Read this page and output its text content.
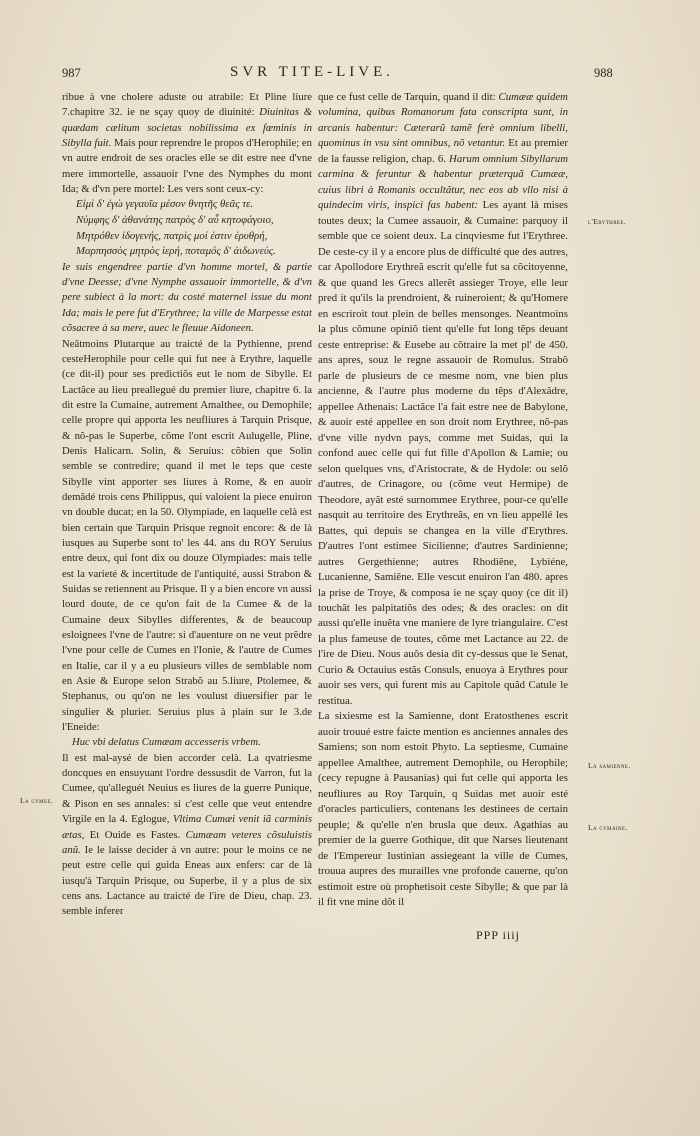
987	SVR TITE-LIVE.	988
La cvmee.
l'Erythree.
La samienne.
La cvmaine.

ribue à vne cholere aduste ou atrabile: Et Pline liure 7.chapitre 32. ie ne sçay quoy de diuinité: Diuinitas & quædam cælitum societas nobilissima ex fœminis in Sibylla fuit. Mais pour reprendre le propos d'Herophile; en vn autre endroit de ses oracles elle se dit estre nee d'vne mere immortelle, assauoir l'vne des Nymphes du mont Ida; & d'vn pere mortel: Les vers sont ceux-cy:

Εἰμὶ δ' ἐγὼ γεγαυῖα μέσον θνητῆς θεᾶς τε.
Νύμφης δ' ἀθανάτης πατρὸς δ' αὖ κητοφάγοιο,
Μητρόθεν ἰδογενής, πατρὶς μοί ἐστιν ἐρυθρή,
Μαρπησσὸς μητρὸς ἱερή, ποταμός δ' ἀιδωνεύς.

Ie suis engendree partie d'vn homme mortel, & partie d'vne Deesse; d'vne Nymphe assauoir immortelle, & d'vn pere subiect à la mort: du costé maternel issue du mont Ida; mais le pere fut d'Erythree; la ville de Marpesse estat cõsacree à sa mere, auec le fleuue Aidoneen.

Neãtmoins Plutarque au traicté de la Pythienne, prend cesteHerophile pour celle qui fut nee à Erythre, laquelle (ce dit-il) pour ses predictiõs eut le nom de Sibylle. Et Lactãce au lieu preallegué du premier liure, chapitre 6. la dit estre la Cumaine, autrement Amalthee, ou Demophile; celle propre qui apporta les neufliures à Tarquin Prisque, & nõ-pas le Superbe, cõme l'ont escrit Aulugelle, Pline, Denis Halicarn. Solin, & Seruius: cõbien que Solin semble se contredire; quand il met le teps que ceste Sibylle vint apporter ses liures à Rome, & en auoir demãdé trois cens Philippus, qui valoient la piece enuiron vn double ducat; en la 50. Olympiade, en laquelle celà est bien certain que Tarquin Prisque regnoit encore: & de là iusques au Superbe sont to' les 44. ans du ROY Seruius entre deux, qui font dix ou douze Olympiades: mais telle est la varieté & incertitude de l'antiquité, aussi Strabon & Suidas se retiennent au Prisque. Il y a bien encore vn aussi lourd doute, de ce qu'on fait de la Cumee & de la Cumaine deux Sibylles differentes, & de beaucoup esloignees l'vne de l'autre: si d'auenture on ne veut prẽdre l'vne pour celle de Cumes en l'Ionie, & l'autre de Cumes en Italie, car il y a eu plusieurs villes de semblable nom en Asie & Europe selon Strabõ au 5.liure, Ptolemee, & Stephanus, ou qu'on ne les voulust diuersifier par le singulier & plurier. Seruius plus à plain sur le 3.de l'Eneide:

Huc vbi delatus Cumæam accesseris vrbem.

Il est mal-aysé de bien accorder celà. La qvatriesme doncques en ensuyuant l'ordre dessusdit de Varron, fut la Cumee, qu'alleguét Neuius es liures de la guerre Punique, & Pison en ses annales: si c'est celle que veut entendre Virgile en la 4. Eglogue, Vltima Cumæi venit iã carminis ætas, Et Ouide es Fastes. Cumæam veteres cõsuluistis anũ. Ie le laisse decider à vn autre: pour le moins ce ne peut estre celle qui guida Eneas aux enfers: car de là iusqu'à Tarquin Prisque, ou Superbe, il y a plus de six cens ans. Lactance au traicté de l'ire de Dieu, chap. 23. semble inferer

que ce fust celle de Tarquin, quand il dit: Cumææ quidem volumina, quibus Romanorum fata conscripta sunt, in arcanis habentur: Cæterarũ tamẽ ferè omnium libelli, quominus in vsu sint omnibus, nõ vetantur. Et au premier de la fausse religion, chap. 6. Harum omnium Sibyllarum carmina & feruntur & habentur præterquã Cumææ, cuius libri à Romanis occultãtur, nec eos ab vllo nisi à quindecim viris, inspici fas habent: Les ayant là mises toutes deux; la Cumee assauoir, & Cumaine: parquoy il semble que ce soient deux. La cinqviesme fut l'Erythree. De ceste-cy il y a encore plus de difficulté que des autres, car Apollodore Erythreã escrit qu'elle fut sa cõcitoyenne, & que quand les Grecs allerẽt assieger Troye, elle leur pred it qu'ils la prendroient, & ruineroient; & qu'Homere en escriroit tout plein de belles mensonges. Neantmoins la plus cõmune opiniõ tient qu'elle fut long tẽps deuant ceste entreprise: & Eusebe au cõtraire la met pl' de 450. ans apres, souz le regne assauoir de Romulus. Strabõ parle de plusieurs de ce mesme nom, vne bien plus ancienne, & l'autre plus moderne du tẽps d'Alexãdre, appellee Athenais: Lactãce l'a fait estre nee de Babylone, & auoir esté appellee en son droit nom Erythree, nõ-pas d'vne ville nydvn pays, comme met Suidas, qui la confond auec celle qui fut fille d'Apollon & Lamie; ou selon quelques vns, d'Aristocrate, & de Hydole: ou selõ d'autres, de Crinagore, ou (cõme veut Hermipe) de Theodore, ayãt esté surnommee Erythree, pour-ce qu'elle nasquit au territoire des Erythreãs, en vn lieu appellé les Battes, qui depuis se changea en la ville d'Erythres. D'autres l'ont estimee Sicilienne; d'autres Sardinienne; autres Gergethienne; autres Rhodiẽne, Lybiéne, Lucanienne, Samiẽne. Elle vescut enuiron l'an 480. apres la prise de Troye, & composa ie ne sçay quoy (ce dit il) touchãt les palpitatiõs des odes; & des oracles: on dit aussi qu'elle inuẽta vne maniere de lyre triangulaire. C'est la plus fameuse de toutes, cõme met Lactance au 22. de l'ire de Dieu. Nous auõs desia dit cy-dessus que le Senat, Curio & Octauius estãs Consuls, enuoya à Erythres pour auoir ses vers, qui furent mis au Capitole quãd Catule le restitua.

La sixiesme est la Samienne, dont Eratosthenes escrit auoir trouué estre faicte mention es anciennes annales des Samiens; son nom estoit Phyto. La septiesme, Cumaine appellee Amalthee, autrement Demophile, ou Herophile; (cecy repugne à Pausanias) qui fut celle qui apporta les neufliures au Roy Tarquin, q Suidas met auoir esté d'oracles particuliers, contenans les destinees de certain peuple; & qu'elle n'en brusla que deux. Agathias au premier de la guerre Gothique, dit que Narses lieutenant de l'Empereur Iustinian assiegeant la ville de Cumes, trouua aupres des murailles vne profonde cauerne, qu'on estimoit estre où prophetisoit ceste Sibylle; & que par là il fit vne mine dõt il

PPP iiij
